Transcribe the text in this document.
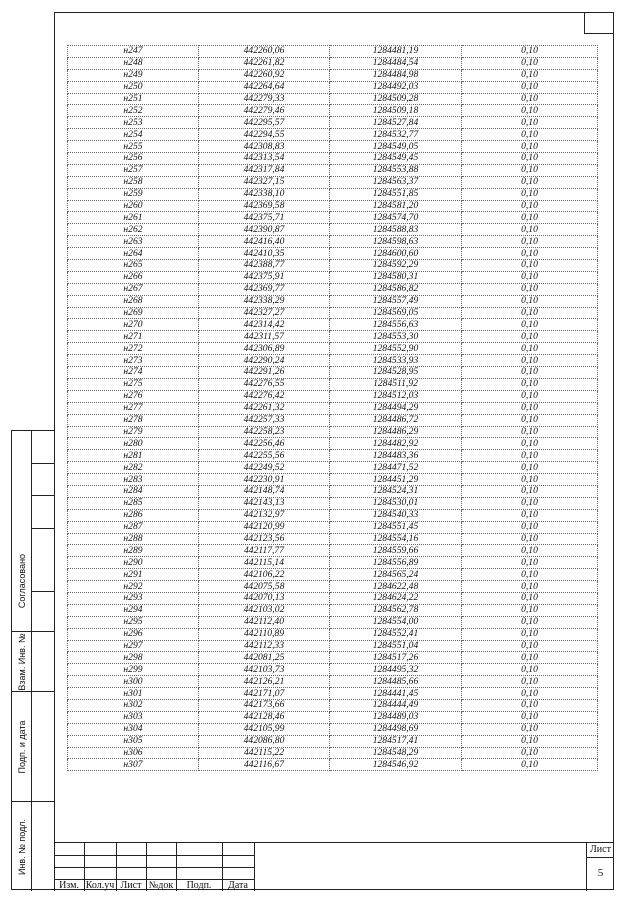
н247	442260,06	1284481,19	0,10
н248	442261,82	1284484,54	0,10
н249	442260,92	1284484,98	0,10
н250	442264,64	1284492,03	0,10
н251	442279,33	1284509,28	0,10
н252	442279,46	1284509,18	0,10
н253	442295,57	1284527,84	0,10
н254	442294,55	1284532,77	0,10
н255	442308,83	1284549,05	0,10
н256	442313,54	1284549,45	0,10
н257	442317,84	1284553,88	0,10
н258	442327,15	1284563,37	0,10
н259	442338,10	1284551,85	0,10
н260	442369,58	1284581,20	0,10
н261	442375,71	1284574,70	0,10
н262	442390,87	1284588,83	0,10
н263	442416,40	1284598,63	0,10
н264	442410,35	1284600,60	0,10
н265	442388,77	1284592,29	0,10
н266	442375,91	1284580,31	0,10
н267	442369,77	1284586,82	0,10
н268	442338,29	1284557,49	0,10
н269	442327,27	1284569,05	0,10
н270	442314,42	1284556,63	0,10
н271	442311,57	1284553,30	0,10
н272	442306,89	1284552,90	0,10
н273	442290,24	1284533,93	0,10
н274	442291,26	1284528,95	0,10
н275	442276,55	1284511,92	0,10
н276	442276,42	1284512,03	0,10
н277	442261,32	1284494,29	0,10
н278	442257,33	1284486,72	0,10
н279	442258,23	1284486,29	0,10
н280	442256,46	1284482,92	0,10
н281	442255,56	1284483,36	0,10
н282	442249,52	1284471,52	0,10
н283	442230,91	1284451,29	0,10
н284	442148,74	1284524,31	0,10
н285	442143,13	1284530,01	0,10
н286	442132,97	1284540,33	0,10
н287	442120,99	1284551,45	0,10
н288	442123,56	1284554,16	0,10
н289	442117,77	1284559,66	0,10
н290	442115,14	1284556,89	0,10
н291	442106,22	1284565,24	0,10
н292	442075,58	1284622,48	0,10
н293	442070,13	1284624,22	0,10
н294	442103,02	1284562,78	0,10
н295	442112,40	1284554,00	0,10
н296	442110,89	1284552,41	0,10
н297	442112,33	1284551,04	0,10
н298	442081,25	1284517,26	0,10
н299	442103,73	1284495,32	0,10
н300	442126,21	1284485,66	0,10
н301	442171,07	1284441,45	0,10
н302	442173,66	1284444,49	0,10
н303	442128,46	1284489,03	0,10
н304	442105,99	1284498,69	0,10
н305	442086,80	1284517,41	0,10
н306	442115,22	1284548,29	0,10
н307	442116,67	1284546,92	0,10
Согласовано
Взам. Инв. №
Подп. и дата
Инв. № подл.
Изм. Кол.уч Лист №док	Подп.	Дата
Лист
5
